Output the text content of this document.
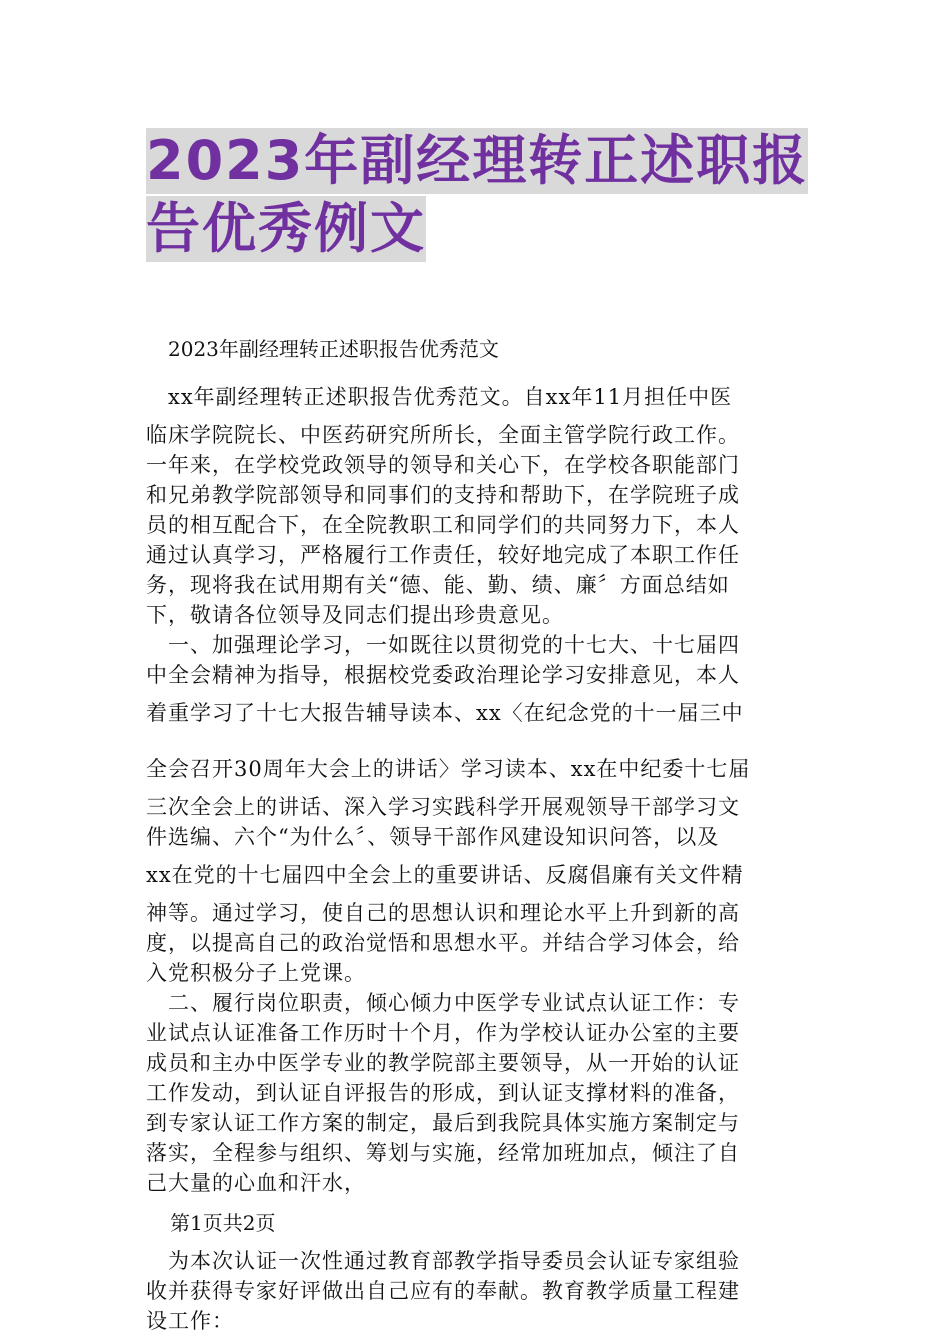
2023年副经理转正述职报
告优秀例文
2023年副经理转正述职报告优秀范文
　xx年副经理转正述职报告优秀范文。自xx年11月担任中医
临床学院院长、中医药研究所所长，全面主管学院行政工作。
一年来，在学校党政领导的领导和关心下，在学校各职能部门
和兄弟教学院部领导和同事们的支持和帮助下，在学院班子成
员的相互配合下，在全院教职工和同学们的共同努力下，本人
通过认真学习，严格履行工作责任，较好地完成了本职工作任
务，现将我在试用期有关“德、能、勤、绩、廉〞方面总结如
下，敬请各位领导及同志们提出珍贵意见。
　一、加强理论学习，一如既往以贯彻党的十七大、十七届四
中全会精神为指导，根据校党委政治理论学习安排意见，本人
着重学习了十七大报告辅导读本、xx〈在纪念党的十一届三中
全会召开30周年大会上的讲话〉学习读本、xx在中纪委十七届
三次全会上的讲话、深入学习实践科学开展观领导干部学习文
件选编、六个“为什么〞、领导干部作风建设知识问答，以及
xx在党的十七届四中全会上的重要讲话、反腐倡廉有关文件精
神等。通过学习，使自己的思想认识和理论水平上升到新的高
度，以提高自己的政治觉悟和思想水平。并结合学习体会，给
入党积极分子上党课。
　二、履行岗位职责，倾心倾力中医学专业试点认证工作：专
业试点认证准备工作历时十个月，作为学校认证办公室的主要
成员和主办中医学专业的教学院部主要领导，从一开始的认证
工作发动，到认证自评报告的形成，到认证支撑材料的准备，
到专家认证工作方案的制定，最后到我院具体实施方案制定与
落实，全程参与组织、筹划与实施，经常加班加点，倾注了自
己大量的心血和汗水，
第1页共2页
　为本次认证一次性通过教育部教学指导委员会认证专家组验
收并获得专家好评做出自己应有的奉献。教育教学质量工程建
设工作：
